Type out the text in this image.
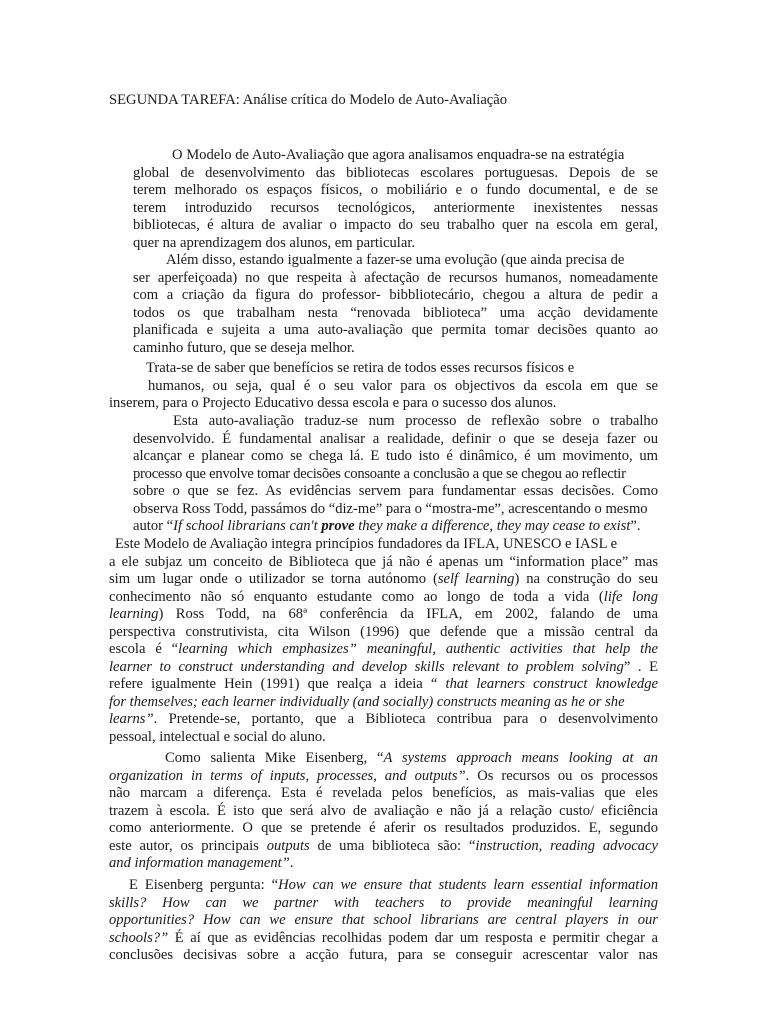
SEGUNDA TAREFA: Análise crítica do Modelo de Auto-Avaliação
O Modelo de Auto-Avaliação que agora analisamos enquadra-se na estratégia
global de desenvolvimento das bibliotecas escolares portuguesas. Depois de se
terem melhorado os espaços físicos, o mobiliário e o fundo documental, e de se
terem introduzido recursos tecnológicos, anteriormente inexistentes nessas
bibliotecas, é altura de avaliar o impacto do seu trabalho quer na escola em geral,
quer na aprendizagem dos alunos, em particular.
Além disso, estando igualmente a fazer-se uma evolução (que ainda precisa de
ser aperfeiçoada) no que respeita à afectação de recursos humanos, nomeadamente
com a criação da figura do professor- bibbliotecário, chegou a altura de pedir a
todos os que trabalham nesta “renovada biblioteca” uma acção devidamente
planificada e sujeita a uma auto-avaliação que permita tomar decisões quanto ao
caminho futuro, que se deseja melhor.
Trata-se de saber que benefícios se retira de todos esses recursos físicos e
humanos, ou seja, qual é o seu valor para os objectivos da escola em que se
inserem, para o Projecto Educativo dessa escola e para o sucesso dos alunos.
Esta auto-avaliação traduz-se num processo de reflexão sobre o trabalho
desenvolvido. É fundamental analisar a realidade, definir o que se deseja fazer ou
alcançar e planear como se chega lá. E tudo isto é dinâmico, é um movimento, um
processo que envolve tomar decisões consoante a conclusão a que se chegou ao reflectir
sobre o que se fez. As evidências servem para fundamentar essas decisões. Como
observa Ross Todd, passámos do “diz-me” para o “mostra-me”, acrescentando o mesmo
autor “If school librarians can't prove they make a difference, they may cease to exist”.
Este Modelo de Avaliação integra princípios fundadores da IFLA, UNESCO e IASL e
a ele subjaz um conceito de Biblioteca que já não é apenas um “information place” mas
sim um lugar onde o utilizador se torna autónomo (self learning) na construção do seu
conhecimento não só enquanto estudante como ao longo de toda a vida (life long
learning) Ross Todd, na 68ª conferência da IFLA, em 2002, falando de uma
perspectiva construtivista, cita Wilson (1996) que defende que a missão central da
escola é “learning which emphasizes” meaningful, authentic activities that help the
learner to construct understanding and develop skills relevant to problem solving” . E
refere igualmente Hein (1991) que realça a ideia “ that learners construct knowledge
for themselves; each learner individually (and socially) constructs meaning as he or she
learns”. Pretende-se, portanto, que a Biblioteca contribua para o desenvolvimento
pessoal, intelectual e social do aluno.
Como salienta Mike Eisenberg, “A systems approach means looking at an
organization in terms of inputs, processes, and outputs”. Os recursos ou os processos
não marcam a diferença. Esta é revelada pelos benefícios, as mais-valias que eles
trazem à escola. É isto que será alvo de avaliação e não já a relação custo/ eficiência
como anteriormente. O que se pretende é aferir os resultados produzidos. E, segundo
este autor, os principais outputs de uma biblioteca são: “instruction, reading advocacy
and information management”.
E Eisenberg pergunta: “How can we ensure that students learn essential information
skills? How can we partner with teachers to provide meaningful learning
opportunities? How can we ensure that school librarians are central players in our
schools?” É aí que as evidências recolhidas podem dar um resposta e permitir chegar a
conclusões decisivas sobre a acção futura, para se conseguir acrescentar valor nas
